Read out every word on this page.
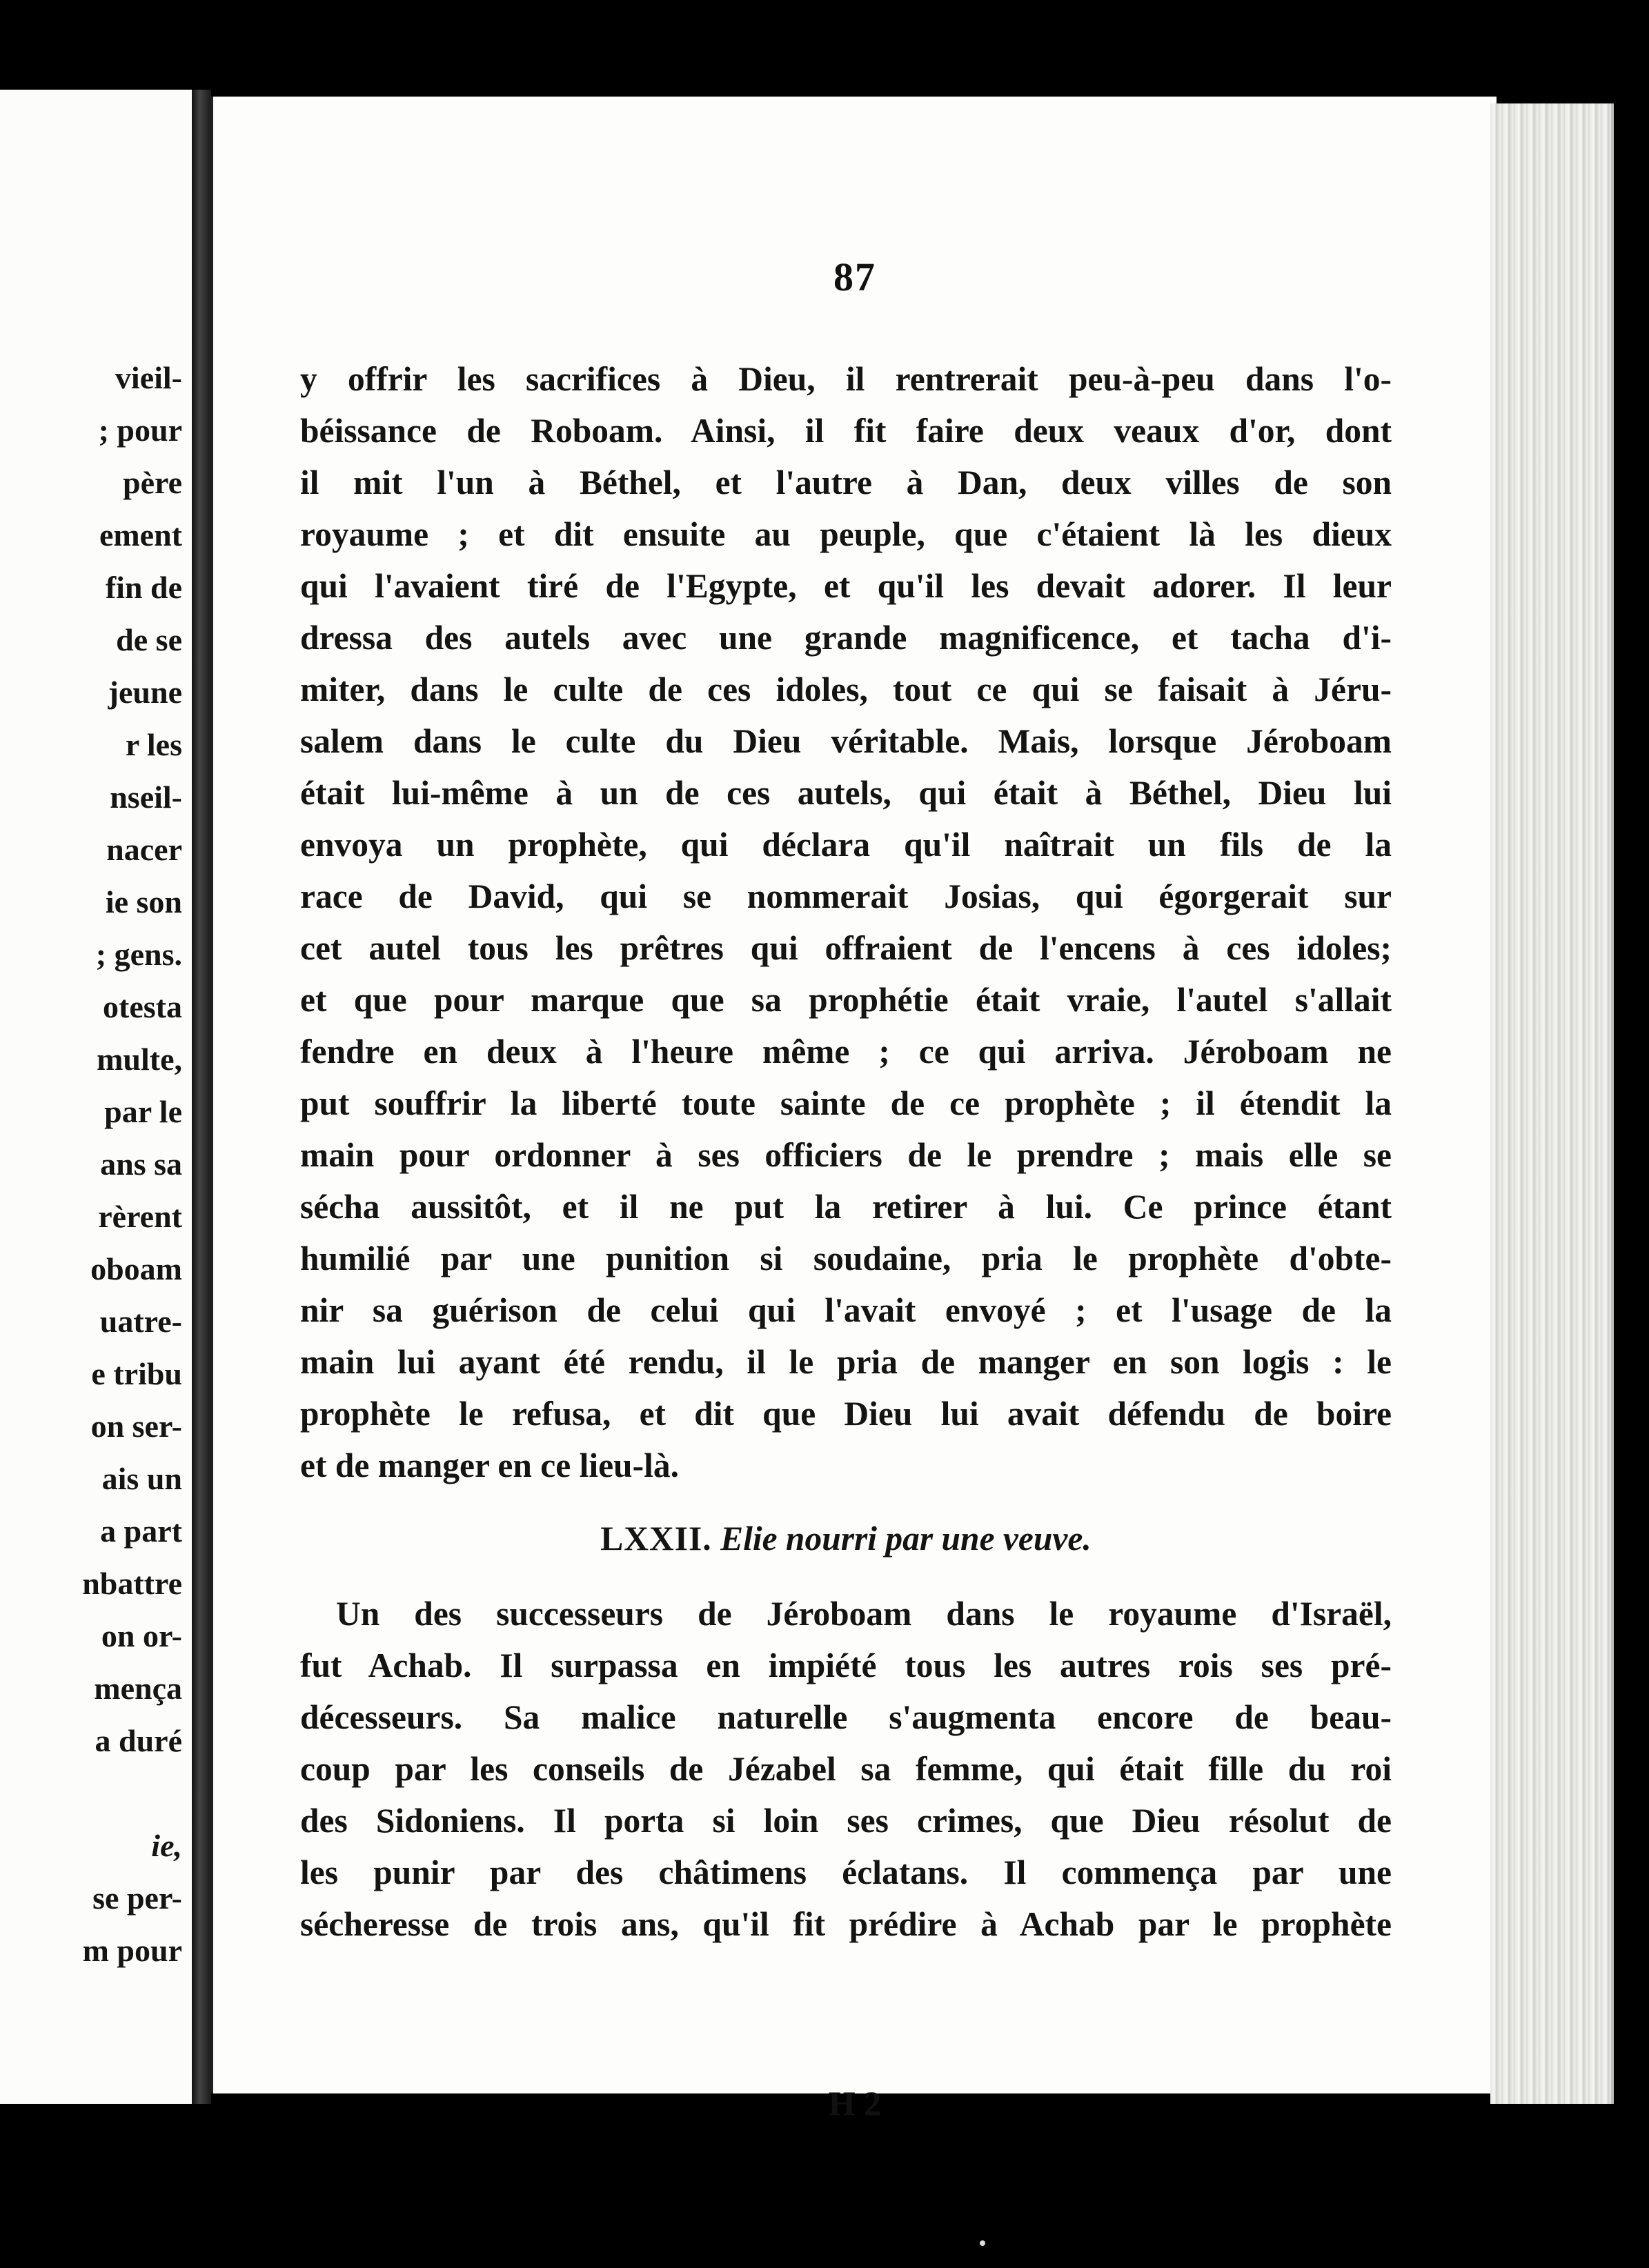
vieil-
; pour
père
ement
fin de
de se
jeune
r les
nseil-
nacer
ie son
; gens.
otesta
multe,
par le
ans sa
rèrent
oboam
uatre-
e tribu
on ser-
ais un
a part
nbattre
on or-
mença
a duré
ie,
se per-
m pour
87
y offrir les sacrifices à Dieu, il rentrerait peu-à-peu dans l'o-
béissance de Roboam. Ainsi, il fit faire deux veaux d'or, dont
il mit l'un à Béthel, et l'autre à Dan, deux villes de son
royaume ; et dit ensuite au peuple, que c'étaient là les dieux
qui l'avaient tiré de l'Egypte, et qu'il les devait adorer. Il leur
dressa des autels avec une grande magnificence, et tacha d'i-
miter, dans le culte de ces idoles, tout ce qui se faisait à Jéru-
salem dans le culte du Dieu véritable. Mais, lorsque Jéroboam
était lui-même à un de ces autels, qui était à Béthel, Dieu lui
envoya un prophète, qui déclara qu'il naîtrait un fils de la
race de David, qui se nommerait Josias, qui égorgerait sur
cet autel tous les prêtres qui offraient de l'encens à ces idoles;
et que pour marque que sa prophétie était vraie, l'autel s'allait
fendre en deux à l'heure même ; ce qui arriva. Jéroboam ne
put souffrir la liberté toute sainte de ce prophète ; il étendit la
main pour ordonner à ses officiers de le prendre ; mais elle se
sécha aussitôt, et il ne put la retirer à lui. Ce prince étant
humilié par une punition si soudaine, pria le prophète d'obte-
nir sa guérison de celui qui l'avait envoyé ; et l'usage de la
main lui ayant été rendu, il le pria de manger en son logis : le
prophète le refusa, et dit que Dieu lui avait défendu de boire
et de manger en ce lieu-là.
LXXII. Elie nourri par une veuve.
Un des successeurs de Jéroboam dans le royaume d'Israël,
fut Achab. Il surpassa en impiété tous les autres rois ses pré-
décesseurs. Sa malice naturelle s'augmenta encore de beau-
coup par les conseils de Jézabel sa femme, qui était fille du roi
des Sidoniens. Il porta si loin ses crimes, que Dieu résolut de
les punir par des châtimens éclatans. Il commença par une
sécheresse de trois ans, qu'il fit prédire à Achab par le prophète
H 2
